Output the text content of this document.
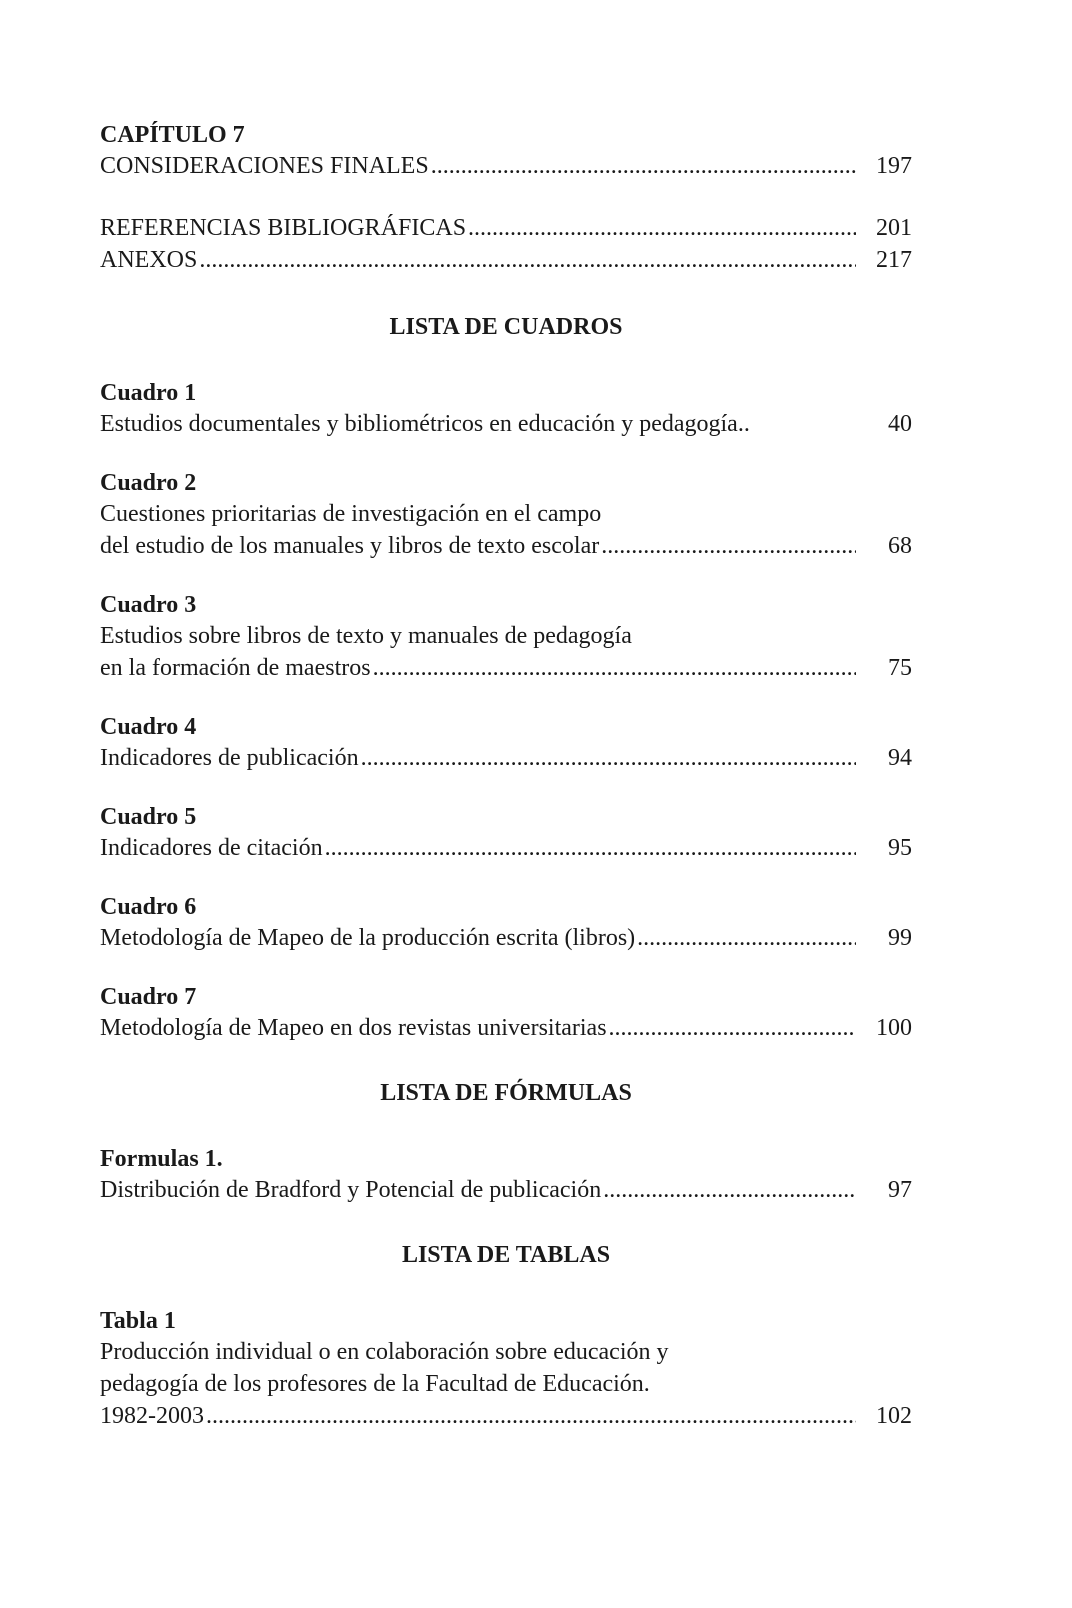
CAPÍTULO 7
CONSIDERACIONES FINALES .....	197
REFERENCIAS BIBLIOGRÁFICAS .....	201
ANEXOS .....	217
LISTA DE CUADROS
Cuadro 1
Estudios documentales y bibliométricos en educación y pedagogía..	40
Cuadro 2
Cuestiones prioritarias de investigación en el campo
del estudio de los manuales y libros de texto escolar .....	68
Cuadro 3
Estudios sobre libros de texto y manuales de pedagogía
en la formación de maestros .....	75
Cuadro 4
Indicadores de publicación .....	94
Cuadro 5
Indicadores de citación .....	95
Cuadro 6
Metodología de Mapeo de la producción escrita (libros) .....	99
Cuadro 7
Metodología de Mapeo en dos revistas universitarias .....	100
LISTA DE FÓRMULAS
Formulas 1.
Distribución de Bradford y Potencial de publicación .....	97
LISTA DE TABLAS
Tabla 1
Producción individual o en colaboración sobre educación y
pedagogía de los profesores de la Facultad de Educación.
1982-2003 .....	102
